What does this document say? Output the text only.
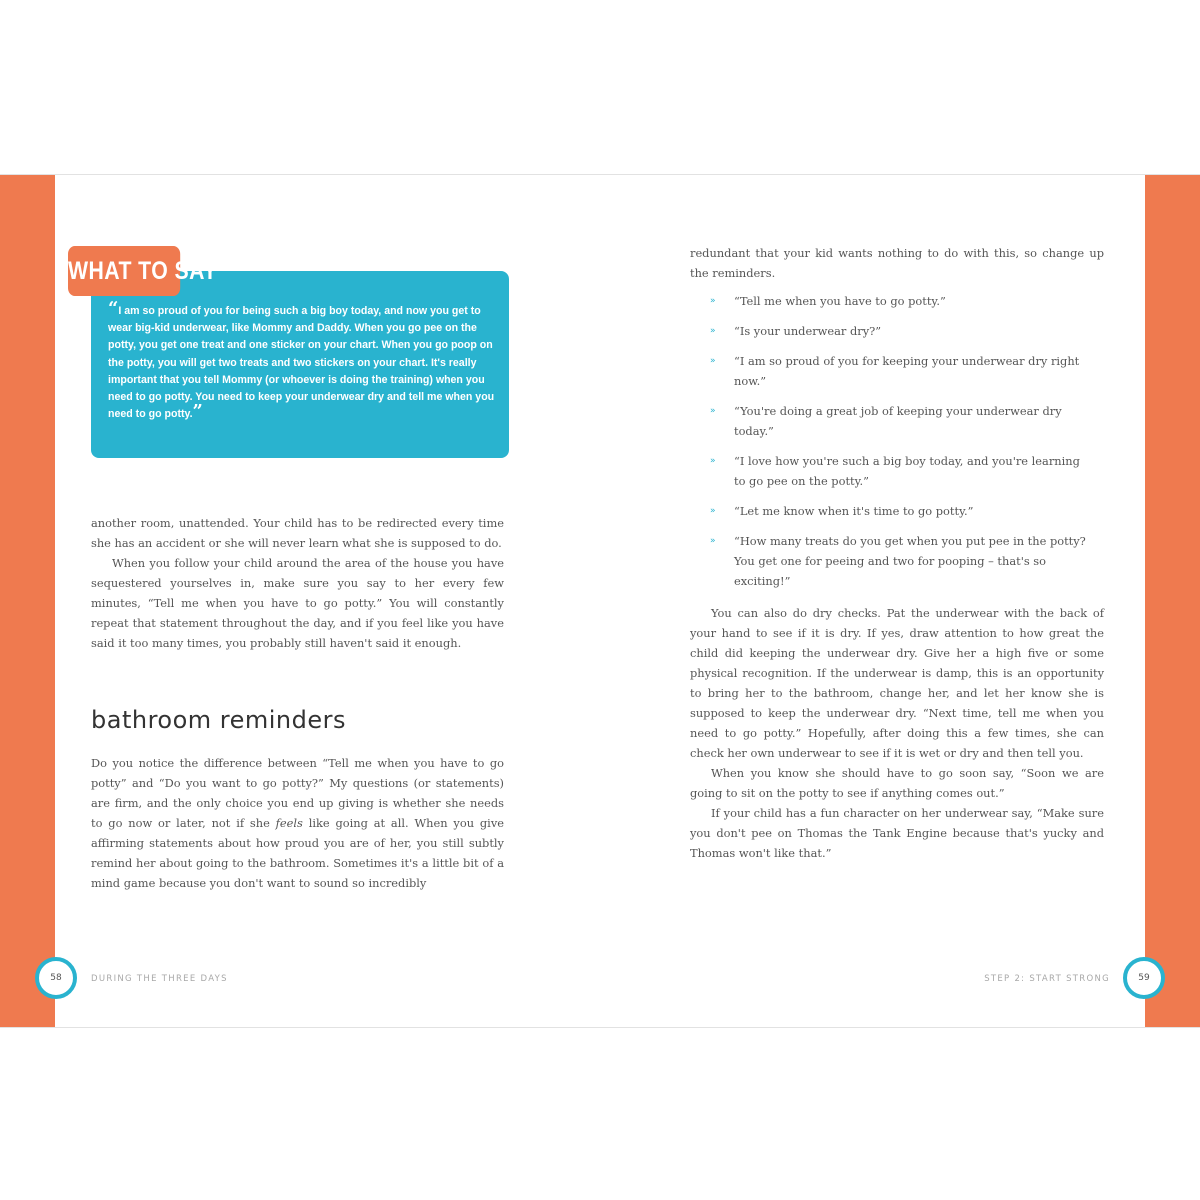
“I am so proud of you for being such a big boy today, and now you get to wear big-kid underwear, like Mommy and Daddy. When you go pee on the potty, you get one treat and one sticker on your chart. When you go poop on the potty, you will get two treats and two stickers on your chart. It's really important that you tell Mommy (or whoever is doing the training) when you need to go potty. You need to keep your underwear dry and tell me when you need to go potty.”
WHAT TO SAY

another room, unattended. Your child has to be redirected every time she has an accident or she will never learn what she is supposed to do.

When you follow your child around the area of the house you have sequestered yourselves in, make sure you say to her every few minutes, “Tell me when you have to go potty.” You will constantly repeat that statement throughout the day, and if you feel like you have said it too many times, you probably still haven't said it enough.

bathroom reminders

Do you notice the difference between “Tell me when you have to go potty” and “Do you want to go potty?” My questions (or statements) are firm, and the only choice you end up giving is whether she needs to go now or later, not if she feels like going at all. When you give affirming statements about how proud you are of her, you still subtly remind her about going to the bathroom. Sometimes it's a little bit of a mind game because you don't want to sound so incredibly

redundant that your kid wants nothing to do with this, so change up the reminders.

» “Tell me when you have to go potty.”
» “Is your underwear dry?”
» “I am so proud of you for keeping your underwear dry right now.”
» “You're doing a great job of keeping your underwear dry today.”
» “I love how you're such a big boy today, and you're learning to go pee on the potty.”
» “Let me know when it's time to go potty.”
» “How many treats do you get when you put pee in the potty? You get one for peeing and two for pooping – that's so exciting!”

You can also do dry checks. Pat the underwear with the back of your hand to see if it is dry. If yes, draw attention to how great the child did keeping the underwear dry. Give her a high five or some physical recognition. If the underwear is damp, this is an opportunity to bring her to the bathroom, change her, and let her know she is supposed to keep the underwear dry. “Next time, tell me when you need to go potty.” Hopefully, after doing this a few times, she can check her own underwear to see if it is wet or dry and then tell you.

When you know she should have to go soon say, “Soon we are going to sit on the potty to see if anything comes out.”

If your child has a fun character on her underwear say, “Make sure you don't pee on Thomas the Tank Engine because that's yucky and Thomas won't like that.”

58	DURING THE THREE DAYS	STEP 2: START STRONG	59
